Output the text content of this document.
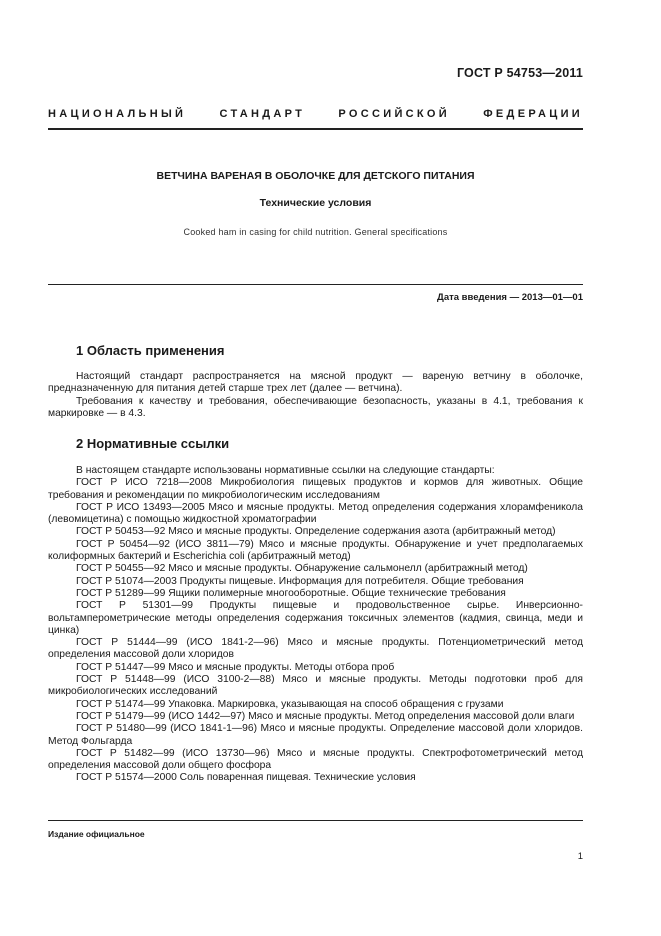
ГОСТ Р 54753—2011
НАЦИОНАЛЬНЫЙ СТАНДАРТ РОССИЙСКОЙ ФЕДЕРАЦИИ
ВЕТЧИНА ВАРЕНАЯ В ОБОЛОЧКЕ ДЛЯ ДЕТСКОГО ПИТАНИЯ
Технические условия
Cooked ham in casing for child nutrition. General specifications
Дата введения — 2013—01—01
1 Область применения

Настоящий стандарт распространяется на мясной продукт — вареную ветчину в оболочке, предназначенную для питания детей старше трех лет (далее — ветчина).

Требования к качеству и требования, обеспечивающие безопасность, указаны в 4.1, требования к маркировке — в 4.3.

2 Нормативные ссылки

В настоящем стандарте использованы нормативные ссылки на следующие стандарты:

ГОСТ Р ИСО 7218—2008 Микробиология пищевых продуктов и кормов для животных. Общие требования и рекомендации по микробиологическим исследованиям

ГОСТ Р ИСО 13493—2005 Мясо и мясные продукты. Метод определения содержания хлорамфеникола (левомицетина) с помощью жидкостной хроматографии

ГОСТ Р 50453—92 Мясо и мясные продукты. Определение содержания азота (арбитражный метод)

ГОСТ Р 50454—92 (ИСО 3811—79) Мясо и мясные продукты. Обнаружение и учет предполагаемых колиформных бактерий и Escherichia coli (арбитражный метод)

ГОСТ Р 50455—92 Мясо и мясные продукты. Обнаружение сальмонелл (арбитражный метод)

ГОСТ Р 51074—2003 Продукты пищевые. Информация для потребителя. Общие требования

ГОСТ Р 51289—99 Ящики полимерные многооборотные. Общие технические требования

ГОСТ Р 51301—99 Продукты пищевые и продовольственное сырье. Инверсионно-вольтамперометрические методы определения содержания токсичных элементов (кадмия, свинца, меди и цинка)

ГОСТ Р 51444—99 (ИСО 1841-2—96) Мясо и мясные продукты. Потенциометрический метод определения массовой доли хлоридов

ГОСТ Р 51447—99 Мясо и мясные продукты. Методы отбора проб

ГОСТ Р 51448—99 (ИСО 3100-2—88) Мясо и мясные продукты. Методы подготовки проб для микробиологических исследований

ГОСТ Р 51474—99 Упаковка. Маркировка, указывающая на способ обращения с грузами

ГОСТ Р 51479—99 (ИСО 1442—97) Мясо и мясные продукты. Метод определения массовой доли влаги

ГОСТ Р 51480—99 (ИСО 1841-1—96) Мясо и мясные продукты. Определение массовой доли хлоридов. Метод Фольгарда

ГОСТ Р 51482—99 (ИСО 13730—96) Мясо и мясные продукты. Спектрофотометрический метод определения массовой доли общего фосфора

ГОСТ Р 51574—2000 Соль поваренная пищевая. Технические условия

Издание официальное
1
